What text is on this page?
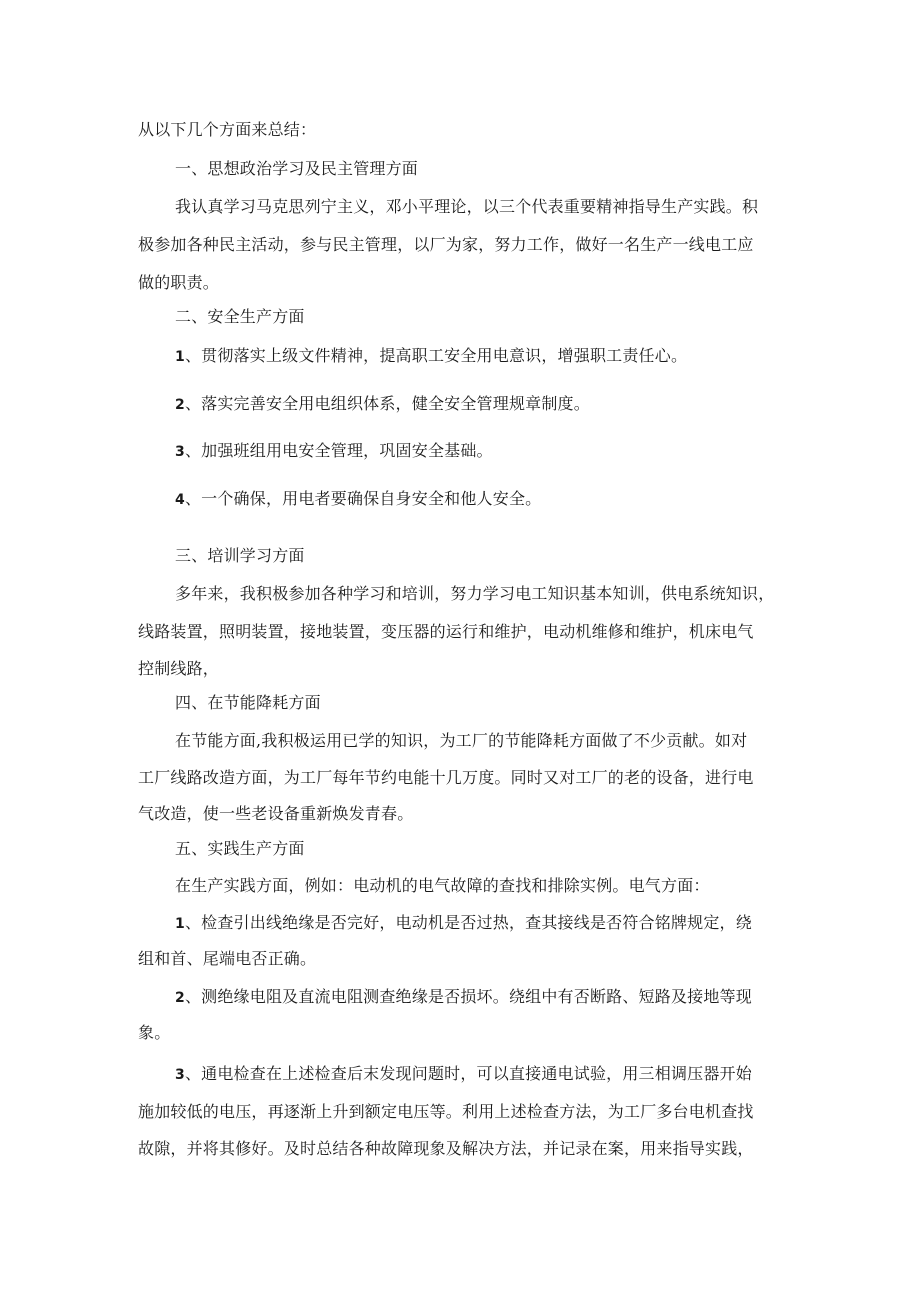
从以下几个方面来总结：
一、思想政治学习及民主管理方面
我认真学习马克思列宁主义，邓小平理论，以三个代表重要精神指导生产实践。积
极参加各种民主活动，参与民主管理，以厂为家，努力工作，做好一名生产一线电工应
做的职责。
二、安全生产方面
1、贯彻落实上级文件精神，提高职工安全用电意识，增强职工责任心。
2、落实完善安全用电组织体系，健全安全管理规章制度。
3、加强班组用电安全管理，巩固安全基础。
4、一个确保，用电者要确保自身安全和他人安全。
三、培训学习方面
多年来，我积极参加各种学习和培训，努力学习电工知识基本知训，供电系统知识，
线路装置，照明装置，接地装置，变压器的运行和维护，电动机维修和维护，机床电气
控制线路，
四、在节能降耗方面
在节能方面,我积极运用已学的知识，为工厂的节能降耗方面做了不少贡献。如对
工厂线路改造方面，为工厂每年节约电能十几万度。同时又对工厂的老的设备，进行电
气改造，使一些老设备重新焕发青春。
五、实践生产方面
在生产实践方面，例如：电动机的电气故障的查找和排除实例。电气方面：
1、检查引出线绝缘是否完好，电动机是否过热，查其接线是否符合铭牌规定，绕
组和首、尾端电否正确。
2、测绝缘电阻及直流电阻测查绝缘是否损坏。绕组中有否断路、短路及接地等现
象。
3、通电检查在上述检查后末发现问题时，可以直接通电试验，用三相调压器开始
施加较低的电压，再逐渐上升到额定电压等。利用上述检查方法，为工厂多台电机查找
故隙，并将其修好。及时总结各种故障现象及解决方法，并记录在案，用来指导实践，
